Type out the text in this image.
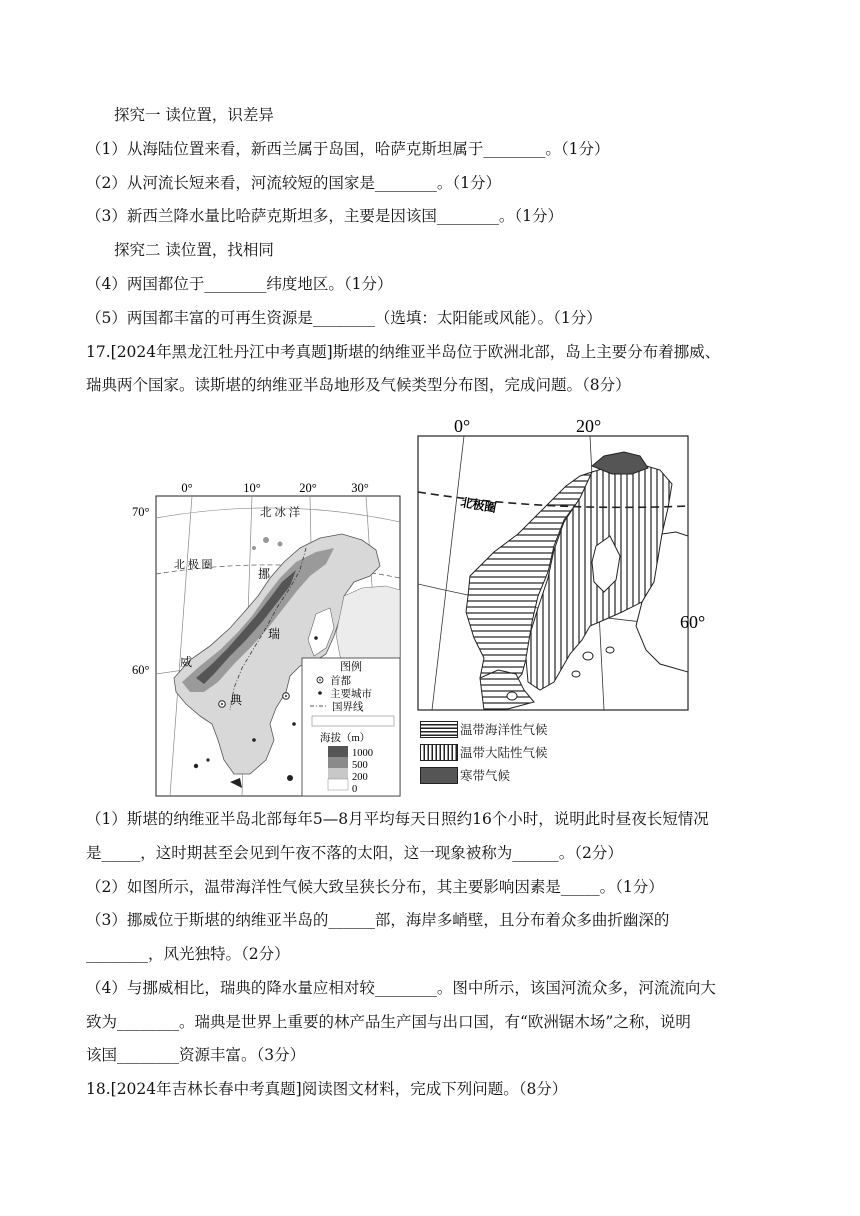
探究一 读位置，识差异
（1）从海陆位置来看，新西兰属于岛国，哈萨克斯坦属于________。（1分）
（2）从河流长短来看，河流较短的国家是________。（1分）
（3）新西兰降水量比哈萨克斯坦多，主要是因该国________。（1分）
探究二 读位置，找相同
（4）两国都位于________纬度地区。（1分）
（5）两国都丰富的可再生资源是________（选填：太阳能或风能）。（1分）
17.[2024年黑龙江牡丹江中考真题]斯堪的纳维亚半岛位于欧洲北部，岛上主要分布着挪威、
瑞典两个国家。读斯堪的纳维亚半岛地形及气候类型分布图，完成问题。（8分）
0°	10°	20°	30°
70°
60°
北 冰 洋
北 极 圈
挪
威
瑞
典
图例
首都
主要城市
国界线
海拔（m）
1000
500
200
0
0°	20°
60°
北极圈
温带海洋性气候
温带大陆性气候
寒带气候
（1）斯堪的纳维亚半岛北部每年5—8月平均每天日照约16个小时，说明此时昼夜长短情况
是_____，这时期甚至会见到午夜不落的太阳，这一现象被称为______。（2分）
（2）如图所示，温带海洋性气候大致呈狭长分布，其主要影响因素是_____。（1分）
（3）挪威位于斯堪的纳维亚半岛的______部，海岸多峭壁，且分布着众多曲折幽深的
________，风光独特。（2分）
（4）与挪威相比，瑞典的降水量应相对较________。图中所示，该国河流众多，河流流向大
致为________。瑞典是世界上重要的林产品生产国与出口国，有“欧洲锯木场”之称，说明
该国________资源丰富。（3分）
18.[2024年吉林长春中考真题]阅读图文材料，完成下列问题。（8分）
